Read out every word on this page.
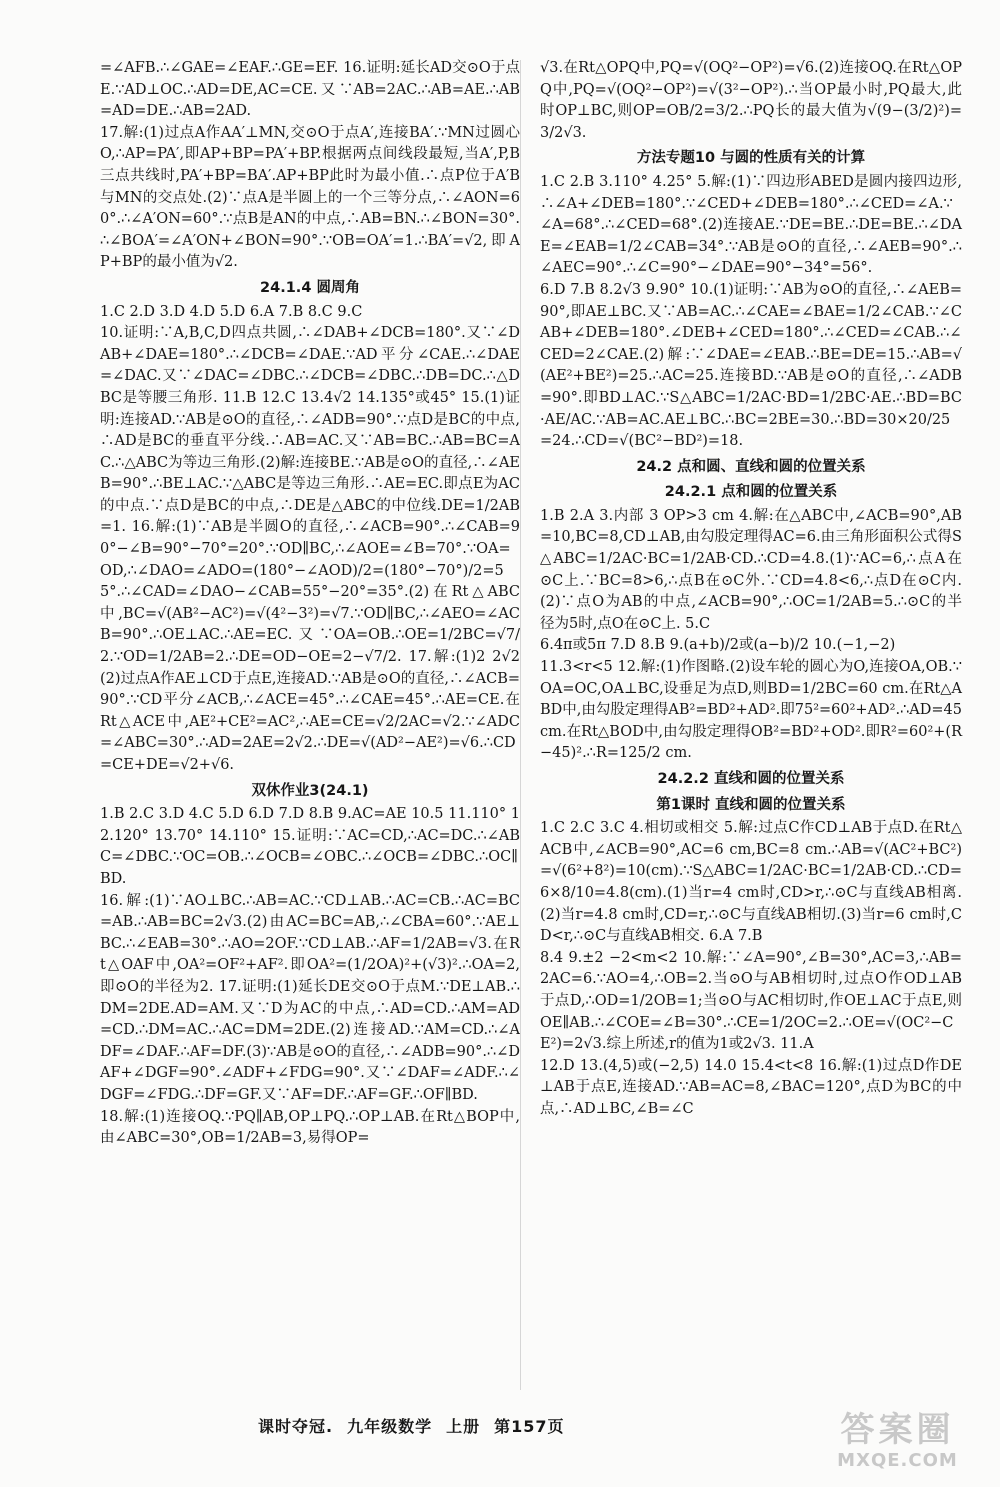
=∠AFB.∴∠GAE=∠EAF.∴GE=EF. 16.证明:延长AD交⊙O于点E.∵AD⊥OC.∴AD=DE,AC=CE.又∵AB=2AC.∴AB=AE.∴AB=AD=DE.∴AB=2AD.

17.解:(1)过点A作AA′⊥MN,交⊙O于点A′,连接BA′.∵MN过圆心O,∴AP=PA′,即AP+BP=PA′+BP.根据两点间线段最短,当A′,P,B三点共线时,PA′+BP=BA′.AP+BP此时为最小值.∴点P位于A′B与MN的交点处.(2)∵点A是半圆上的一个三等分点,∴∠AON=60°.∴∠A′ON=60°.∵点B是AN的中点,∴AB=BN.∴∠BON=30°.∴∠BOA′=∠A′ON+∠BON=90°.∵OB=OA′=1.∴BA′=√2,即AP+BP的最小值为√2.

24.1.4 圆周角

1.C 2.D 3.D 4.D 5.D 6.A 7.B 8.C 9.C

10.证明:∵A,B,C,D四点共圆,∴∠DAB+∠DCB=180°.又∵∠DAB+∠DAE=180°.∴∠DCB=∠DAE.∵AD平分∠CAE.∴∠DAE=∠DAC.又∵∠DAC=∠DBC.∴∠DCB=∠DBC.∴DB=DC.∴△DBC是等腰三角形. 11.B 12.C 13.4√2 14.135°或45° 15.(1)证明:连接AD.∵AB是⊙O的直径,∴∠ADB=90°.∵点D是BC的中点,∴AD是BC的垂直平分线.∴AB=AC.又∵AB=BC.∴AB=BC=AC.∴△ABC为等边三角形.(2)解:连接BE.∵AB是⊙O的直径,∴∠AEB=90°.∴BE⊥AC.∵△ABC是等边三角形.∴AE=EC.即点E为AC的中点.∵点D是BC的中点,∴DE是△ABC的中位线.DE=1/2AB=1. 16.解:(1)∵AB是半圆O的直径,∴∠ACB=90°.∴∠CAB=90°−∠B=90°−70°=20°.∵OD∥BC,∴∠AOE=∠B=70°.∵OA=OD,∴∠DAO=∠ADO=(180°−∠AOD)/2=(180°−70°)/2=55°.∴∠CAD=∠DAO−∠CAB=55°−20°=35°.(2)在Rt△ABC中,BC=√(AB²−AC²)=√(4²−3²)=√7.∵OD∥BC,∴∠AEO=∠ACB=90°.∴OE⊥AC.∴AE=EC.又∵OA=OB.∴OE=1/2BC=√7/2.∵OD=1/2AB=2.∴DE=OD−OE=2−√7/2. 17.解:(1)2 2√2 (2)过点A作AE⊥CD于点E,连接AD.∵AB是⊙O的直径,∴∠ACB=90°.∵CD平分∠ACB,∴∠ACE=45°.∴∠CAE=45°.∴AE=CE.在Rt△ACE中,AE²+CE²=AC²,∴AE=CE=√2/2AC=√2.∵∠ADC=∠ABC=30°.∴AD=2AE=2√2.∴DE=√(AD²−AE²)=√6.∴CD=CE+DE=√2+√6.

双休作业3(24.1)

1.B 2.C 3.D 4.C 5.D 6.D 7.D 8.B 9.AC=AE 10.5 11.110° 12.120° 13.70° 14.110° 15.证明:∵AC=CD,∴AC=DC.∴∠ABC=∠DBC.∵OC=OB.∴∠OCB=∠OBC.∴∠OCB=∠DBC.∴OC∥BD.

16.解:(1)∵AO⊥BC.∴AB=AC.∵CD⊥AB.∴AC=CB.∴AC=BC=AB.∴AB=BC=2√3.(2)由AC=BC=AB,∴∠CBA=60°.∵AE⊥BC.∴∠EAB=30°.∴AO=2OF.∵CD⊥AB.∴AF=1/2AB=√3.在Rt△OAF中,OA²=OF²+AF².即OA²=(1/2OA)²+(√3)².∴OA=2,即⊙O的半径为2. 17.证明:(1)延长DE交⊙O于点M.∵DE⊥AB.∴DM=2DE.AD=AM.又∵D为AC的中点,∴AD=CD.∴AM=AD=CD.∴DM=AC.∴AC=DM=2DE.(2)连接AD.∵AM=CD.∴∠ADF=∠DAF.∴AF=DF.(3)∵AB是⊙O的直径,∴∠ADB=90°.∴∠DAF+∠DGF=90°.∠ADF+∠FDG=90°.又∵∠DAF=∠ADF.∴∠DGF=∠FDG.∴DF=GF.又∵AF=DF.∴AF=GF.∴OF∥BD.

18.解:(1)连接OQ.∵PQ∥AB,OP⊥PQ.∴OP⊥AB.在Rt△BOP中,由∠ABC=30°,OB=1/2AB=3,易得OP=

√3.在Rt△OPQ中,PQ=√(OQ²−OP²)=√6.(2)连接OQ.在Rt△OPQ中,PQ=√(OQ²−OP²)=√(3²−OP²).∴当OP最小时,PQ最大,此时OP⊥BC,则OP=OB/2=3/2.∴PQ长的最大值为√(9−(3/2)²)=3/2√3.

方法专题10 与圆的性质有关的计算

1.C 2.B 3.110° 4.25° 5.解:(1)∵四边形ABED是圆内接四边形,∴∠A+∠DEB=180°.∵∠CED+∠DEB=180°.∴∠CED=∠A.∵∠A=68°.∴∠CED=68°.(2)连接AE.∵DE=BE.∴DE=BE.∴∠DAE=∠EAB=1/2∠CAB=34°.∵AB是⊙O的直径,∴∠AEB=90°.∴∠AEC=90°.∴∠C=90°−∠DAE=90°−34°=56°.

6.D 7.B 8.2√3 9.90° 10.(1)证明:∵AB为⊙O的直径,∴∠AEB=90°,即AE⊥BC.又∵AB=AC.∴∠CAE=∠BAE=1/2∠CAB.∵∠CAB+∠DEB=180°.∠DEB+∠CED=180°.∴∠CED=∠CAB.∴∠CED=2∠CAE.(2)解:∵∠DAE=∠EAB.∴BE=DE=15.∴AB=√(AE²+BE²)=25.∴AC=25.连接BD.∵AB是⊙O的直径,∴∠ADB=90°.即BD⊥AC.∵S△ABC=1/2AC·BD=1/2BC·AE.∴BD=BC·AE/AC.∵AB=AC.AE⊥BC.∴BC=2BE=30.∴BD=30×20/25=24.∴CD=√(BC²−BD²)=18.

24.2 点和圆、直线和圆的位置关系
24.2.1 点和圆的位置关系

1.B 2.A 3.内部 3 OP>3 cm 4.解:在△ABC中,∠ACB=90°,AB=10,BC=8,CD⊥AB,由勾股定理得AC=6.由三角形面积公式得S△ABC=1/2AC·BC=1/2AB·CD.∴CD=4.8.(1)∵AC=6,∴点A在⊙C上.∵BC=8>6,∴点B在⊙C外.∵CD=4.8<6,∴点D在⊙C内.(2)∵点O为AB的中点,∠ACB=90°,∴OC=1/2AB=5.∴⊙C的半径为5时,点O在⊙C上. 5.C

6.4π或5π 7.D 8.B 9.(a+b)/2或(a−b)/2 10.(−1,−2)

11.3<r<5 12.解:(1)作图略.(2)设车轮的圆心为O,连接OA,OB.∵OA=OC,OA⊥BC,设垂足为点D,则BD=1/2BC=60 cm.在Rt△ABD中,由勾股定理得AB²=BD²+AD².即75²=60²+AD².∴AD=45 cm.在Rt△BOD中,由勾股定理得OB²=BD²+OD².即R²=60²+(R−45)².∴R=125/2 cm.

24.2.2 直线和圆的位置关系
第1课时 直线和圆的位置关系

1.C 2.C 3.C 4.相切或相交 5.解:过点C作CD⊥AB于点D.在Rt△ACB中,∠ACB=90°,AC=6 cm,BC=8 cm.∴AB=√(AC²+BC²)=√(6²+8²)=10(cm).∵S△ABC=1/2AC·BC=1/2AB·CD.∴CD=6×8/10=4.8(cm).(1)当r=4 cm时,CD>r,∴⊙C与直线AB相离.(2)当r=4.8 cm时,CD=r,∴⊙C与直线AB相切.(3)当r=6 cm时,CD<r,∴⊙C与直线AB相交. 6.A 7.B

8.4 9.±2 −2<m<2 10.解:∵∠A=90°,∠B=30°,AC=3,∴AB=2AC=6.∵AO=4,∴OB=2.当⊙O与AB相切时,过点O作OD⊥AB于点D,∴OD=1/2OB=1;当⊙O与AC相切时,作OE⊥AC于点E,则OE∥AB.∴∠COE=∠B=30°.∴CE=1/2OC=2.∴OE=√(OC²−CE²)=2√3.综上所述,r的值为1或2√3. 11.A

12.D 13.(4,5)或(−2,5) 14.0 15.4<t<8 16.解:(1)过点D作DE⊥AB于点E,连接AD.∵AB=AC=8,∠BAC=120°,点D为BC的中点,∴AD⊥BC,∠B=∠C

课时夺冠. 九年级数学 上册 第157页	答案圈
MXQE.COM
